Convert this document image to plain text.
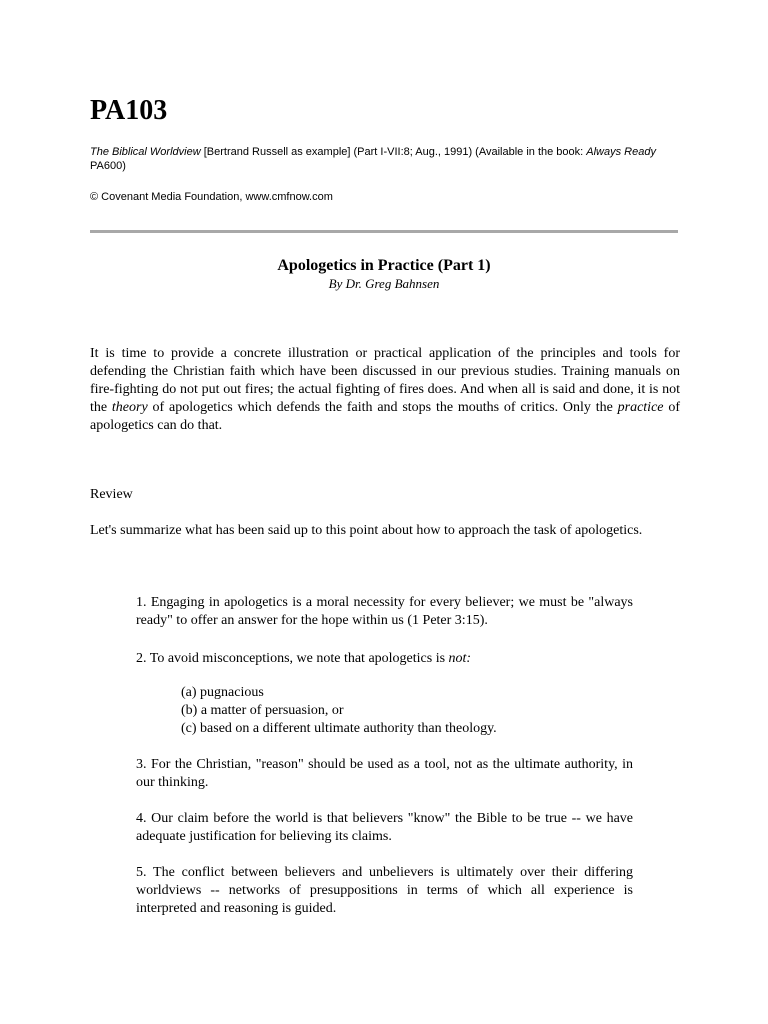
PA103

The Biblical Worldview [Bertrand Russell as example] (Part I-VII:8; Aug., 1991) (Available in the book: Always Ready PA600)

© Covenant Media Foundation, www.cmfnow.com

Apologetics in Practice (Part 1)

By Dr. Greg Bahnsen

It is time to provide a concrete illustration or practical application of the principles and tools for defending the Christian faith which have been discussed in our previous studies. Training manuals on fire-fighting do not put out fires; the actual fighting of fires does. And when all is said and done, it is not the theory of apologetics which defends the faith and stops the mouths of critics. Only the practice of apologetics can do that.

Review

Let's summarize what has been said up to this point about how to approach the task of apologetics.

1. Engaging in apologetics is a moral necessity for every believer; we must be "always ready" to offer an answer for the hope within us (1 Peter 3:15).

2. To avoid misconceptions, we note that apologetics is not:

(a) pugnacious

(b) a matter of persuasion, or

(c) based on a different ultimate authority than theology.

3. For the Christian, "reason" should be used as a tool, not as the ultimate authority, in our thinking.

4. Our claim before the world is that believers "know" the Bible to be true -- we have adequate justification for believing its claims.

5. The conflict between believers and unbelievers is ultimately over their differing worldviews -- networks of presuppositions in terms of which all experience is interpreted and reasoning is guided.
